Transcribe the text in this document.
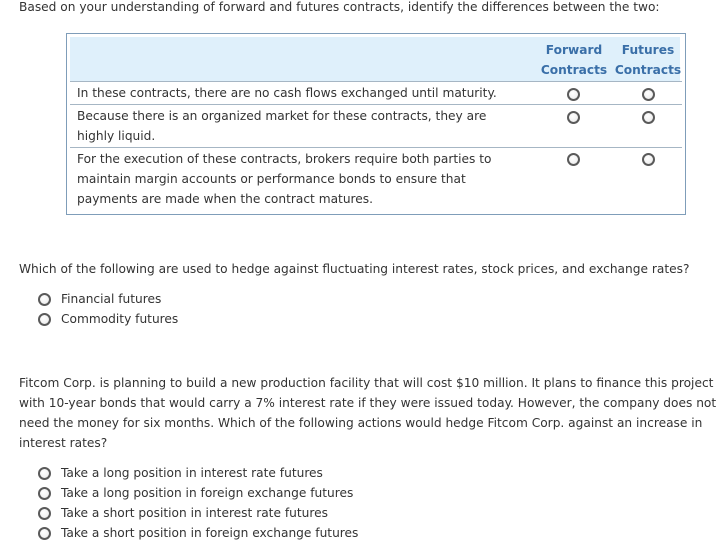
Based on your understanding of forward and futures contracts, identify the differences between the two:
Forward
Contracts
Futures
Contracts
In these contracts, there are no cash flows exchanged until maturity.
Because there is an organized market for these contracts, they are highly liquid.
For the execution of these contracts, brokers require both parties to maintain margin accounts or performance bonds to ensure that payments are made when the contract matures.
Which of the following are used to hedge against fluctuating interest rates, stock prices, and exchange rates?
Financial futures
Commodity futures
Fitcom Corp. is planning to build a new production facility that will cost $10 million. It plans to finance this project with 10-year bonds that would carry a 7% interest rate if they were issued today. However, the company does not need the money for six months. Which of the following actions would hedge Fitcom Corp. against an increase in interest rates?
Take a long position in interest rate futures
Take a long position in foreign exchange futures
Take a short position in interest rate futures
Take a short position in foreign exchange futures
